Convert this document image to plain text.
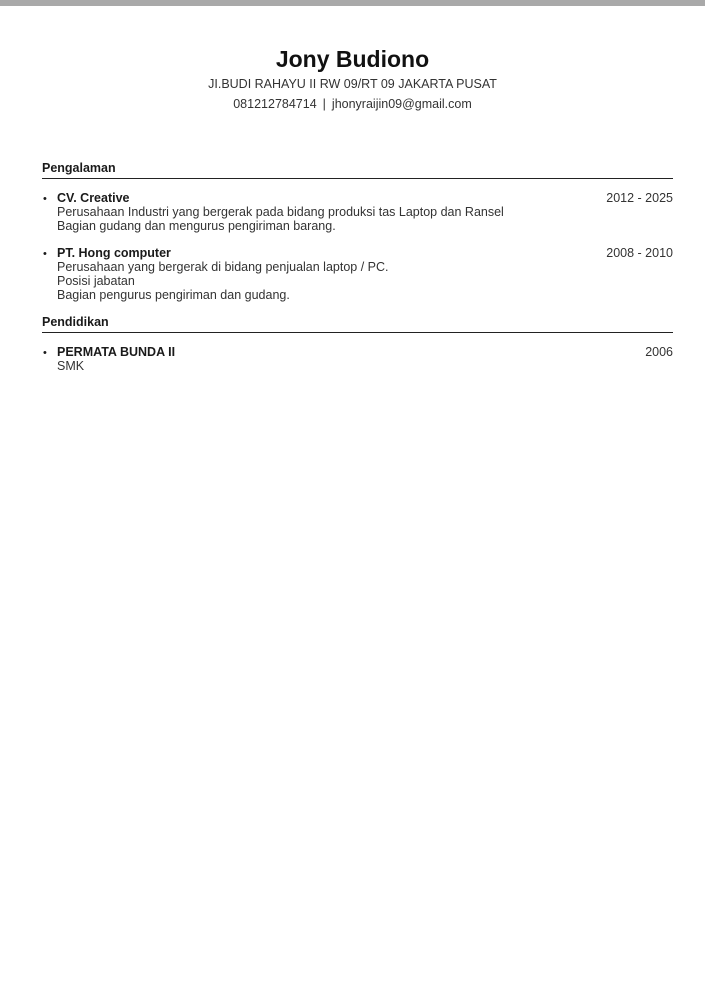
Jony Budiono
JI.BUDI RAHAYU II RW 09/RT 09 JAKARTA PUSAT
081212784714 | jhonyraijin09@gmail.com
Pengalaman
• CV. Creative	2012 - 2025
Perusahaan Industri yang bergerak pada bidang produksi tas Laptop dan Ransel
Bagian gudang dan mengurus pengiriman barang.
• PT. Hong computer	2008 - 2010
Perusahaan yang bergerak di bidang penjualan laptop / PC.
Posisi jabatan
Bagian pengurus pengiriman dan gudang.
Pendidikan
• PERMATA BUNDA II	2006
SMK
